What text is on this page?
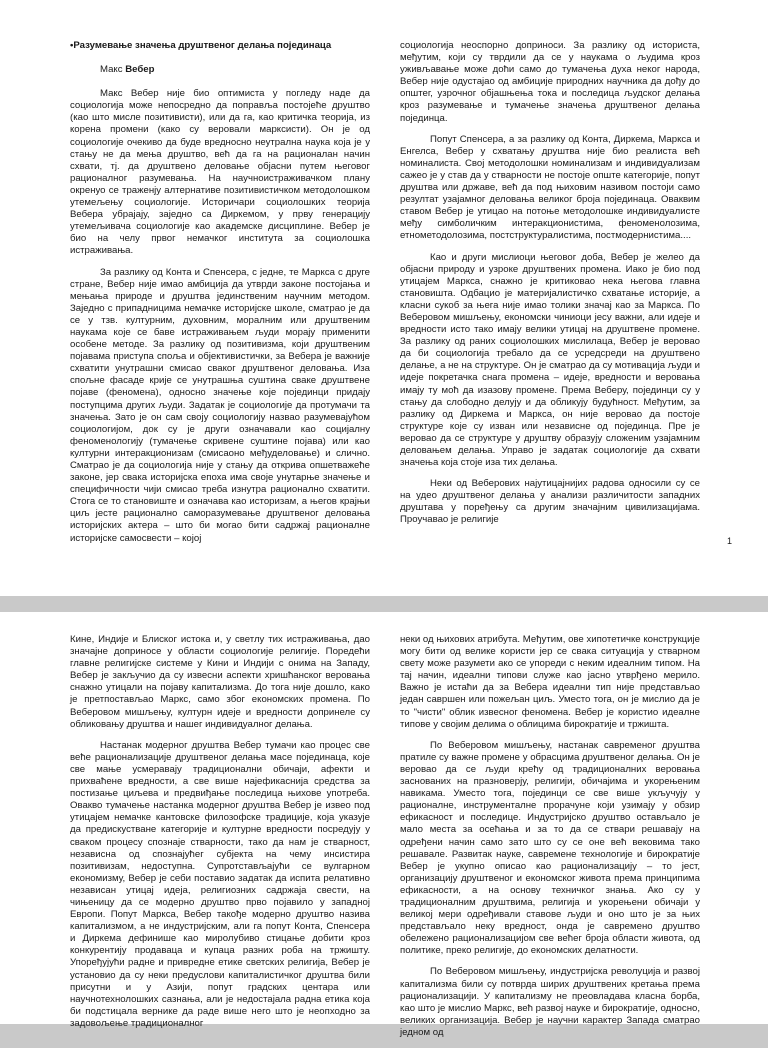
•Разумевање значења друштвеног делања појединаца

Макс Вебер

Макс Вебер није био оптимиста у погледу наде да социологија може непосредно да поправља постојеће друштво (као што мисле позитивисти), или да га, као критичка теорија, из корена промени (како су веровали марксисти). Он је од социологије очекиво да буде вредносно неутрална наука која је у стању не да мења друштво, већ да га на рационалан начин схвати, тј. да друштвено деловање објасни путем његовог рационалног разумевања. На научноистраживачком плану окренуо се траженју алтернативе позитивистичком методолошком утемељењу социологије. Историчари социолошких теорија Вебера убрајају, заједно са Диркемом, у прву генерацију утемељивача социологије као академске дисциплине. Вебер је био на челу првог немачког института за социолошка истраживања.

За разлику од Конта и Спенсера, с једне, те Маркса с друге стране, Вебер није имао амбиција да утврди законе постојања и мењања природе и друштва јединственим научним методом. Заједно с припадницима немачке историјске школе, сматрао је да се у тзв. културним, духовним, моралним или друштвеним наукама које се баве истраживањем људи морају применити особене методе. За разлику од позитивизма, који друштвеним појавама приступа споља и објективистички, за Вебера је важније схватити унутрашни смисао сваког друштвеног деловања. Иза спољне фасаде крије се унутрашња суштина сваке друштвене појаве (феномена), односно значење које појединци придају поступцима других људи. Задатак је социологије да протумачи та значења. Зато је он сам своју социологију назвао разумевајућом социологијом, док су је други означавали као социјалну феноменологију (тумачење скривене суштине појава) или као културни интеракционизам (смисаоно међуделовање) и слично. Сматрао је да социологија није у стању да открива опшетважеће законе, јер свака историјска епоха има своје унутарње значење и специфичности чији смисао треба изнутра рационално схватити. Стога се то становиште и означава као историзам, а његов крајњи циљ јесте рационално саморазумевање друштвеног деловања историјских актера – што би могао бити садржај рационалне историјске самосвести – којој

социологија неоспорно доприноси. За разлику од историста, међутим, који су тврдили да се у наукама о људима кроз уживљавање може доћи само до тумачења духа неког народа, Вебер није одустајао од амбиције природних научника да дођу до општег, узрочног објашњења тока и последица људског делања кроз разумевање и тумачење значења друштвеног делања појединца.

Попут Спенсера, а за разлику од Конта, Диркема, Маркса и Енгелса, Вебер у схватању друштва није био реалиста већ номиналиста. Свој методолошки номинализам и индивидуализам сажео је у став да у стварности не постоје опште категорије, попут друштва или државе, већ да под њиховим називом постоји само резултат узајамног деловања великог броја појединаца. Оваквим ставом Вебер је утицао на потоње методолошке индивидуалисте међу симболичким интеракционистима, феноменолозима, етнометодолозима, постструктуралистима, постмодернистима....

Као и други мислиоци његовог доба, Вебер је желео да објасни природу и узроке друштвених промена. Иако је био под утицајем Маркса, снажно је критиковао нека његова главна становишта. Одбацио је материјалистичко схватање историје, а класни сукоб за њега није имао толики значај као за Маркса. По Веберовом мишљењу, економски чиниоци јесу важни, али идеје и вредности исто тако имају велики утицај на друштвене промене. За разлику од раних социолошких мислилаца, Вебер је веровао да би социологија требало да се усредсреди на друштвено делање, а не на структуре. Он је сматрао да су мотивација људи и идеје покретачка снага промена – идеје, вредности и веровања имају ту моћ да изазову промене. Према Веберу, појединци су у стању да слободно делују и да обликују будућност. Међутим, за разлику од Диркема и Маркса, он није веровао да постоје структуре које су изван или независне од појединца. Пре је веровао да се структуре у друштву образују сложеним узајамним деловањем делања. Управо је задатак социологије да схвати значења која стоје иза тих делања.

Неки од Веберових најутицајнијих радова односили су се на удео друштвеног делања у анализи различитости западних друштава у поређењу са другим значајним цивилизацијама. Проучавао је религије

1

Кине, Индије и Блиског истока и, у светлу тих истраживања, дао значајне доприносе у области социологије религије. Поредећи главне религијске системе у Кини и Индији с онима на Западу, Вебер је закључио да су извесни аспекти хришћанског веровања снажно утицали на појаву капитализма. До тога није дошло, како је претпостављао Маркс, само због економских промена. По Веберовом мишљењу, културн идеје и вредности допринеле су обликовању друштва и нашег индивидуалног делања.

Настанак модерног друштва Вебер тумачи као процес све веће рационализације друштвеног делања масе појединаца, које све мање усмеравају традиционални обичаји, афекти и прихваћене вредности, а све више најефикаснија средства за постизање циљева и предвиђање последица њихове употреба. Овакво тумачење настанка модерног друштва Вебер је извео под утицајем немачке кантовске филозофске традиције, која указује да предискустване категорије и културне вредности посредују у сваком процесу спознаје стварности, тако да нам је стварност, независна од спознајућег субјекта на чему инсистира позитивизам, недоступна. Супротстављајући се вулгарном економизму, Вебер је себи поставио задатак да испита релативно независан утицај идеја, религиозних садржаја свести, на чињеницу да се модерно друштво прво појавило у западној Европи. Попут Маркса, Вебер такође модерно друштво назива капитализмом, а не индустријским, али га попут Конта, Спенсера и Диркема дефинише као миролубиво стицање добити кроз конкурентију продаваца и купаца разних роба на тржишту. Упоређујући радне и привредне етике светских религија, Вебер је установио да су неки предуслови капиталистичког друштва били присутни и у Азији, попут градских центара или научнотехнолошких сазнања, али је недостајала радна етика која би подстицала вернике да раде више него што је неопходно за задовољење традиционалног

неки од њихових атрибута. Међутим, ове хипотетичке конструкције могу бити од велике користи јер се свака ситуација у стварном свету може разумети ако се упореди с неким идеалним типом. На тај начин, идеални типови служе као јасно утврђено мерило. Важно је истаћи да за Вебера идеални тип није представљао један савршен или пожељан циљ. Уместо тога, он је мислио да је то "чисти" облик извесног феномена. Вебер је користио идеалне типове у својим делима о облицима бирократије и тржишта.

По Веберовом мишљењу, настанак савременог друштва пратиле су важне промене у обрасцима друштвеног делања. Он је веровао да се људи крећу од традиционалних веровања заснованих на празноверју, религији, обичајима и укорењеним навикама. Уместо тога, појединци се све више укључују у рационалне, инструменталне прорачуне који узимају у обзир ефикасност и последице. Индустријско друштво остављало је мало места за осећања и за то да се ствари решавају на одређени начин само зато што су се оне већ вековима тако решавале. Развитак науке, савремене технологије и бирократије Вебер је укупно описао као рационализацију – то јест, организацију друштвеног и економског живота према принципима ефикасности, а на основу техничког знања. Ако су у традиционалним друштвима, религија и укорењени обичаји у великој мери одређивали ставове људи и оно што је за њих представљало неку вредност, онда је савремено друштво обележено рационализацијом све већег броја области живота, од политике, преко религије, до економских делатности.

По Веберовом мишљењу, индустријска револуција и развој капитализма били су потврда ширих друштвених кретања према рационализацији. У капитализму не преовладава класна борба, као што је мислио Маркс, већ развој науке и бирократије, односно, великих организација. Вебер је научни карактер Запада сматрао једном од
